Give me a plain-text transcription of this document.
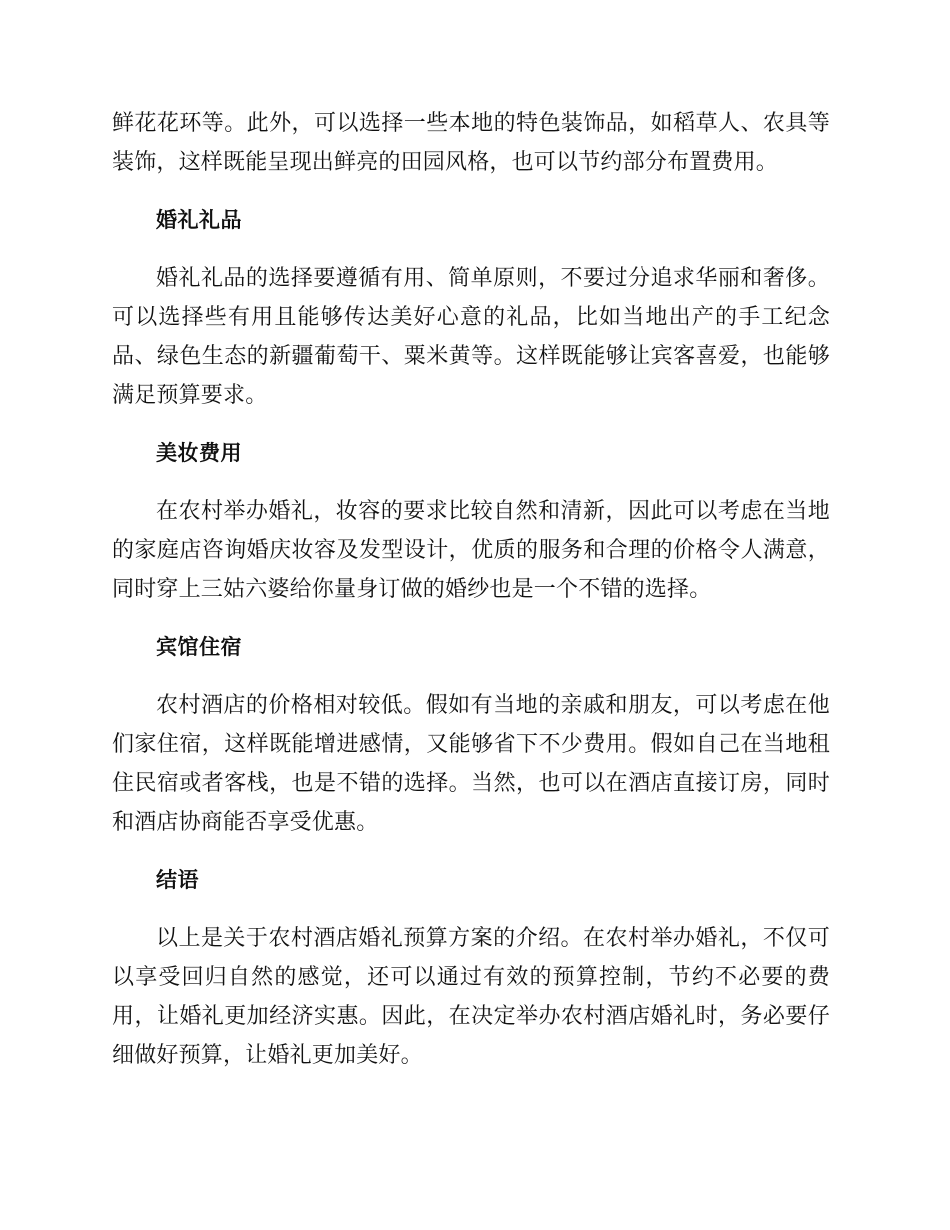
鲜花花环等。此外，可以选择一些本地的特色装饰品，如稻草人、农具等装饰，这样既能呈现出鲜亮的田园风格，也可以节约部分布置费用。

婚礼礼品

婚礼礼品的选择要遵循有用、简单原则，不要过分追求华丽和奢侈。可以选择些有用且能够传达美好心意的礼品，比如当地出产的手工纪念品、绿色生态的新疆葡萄干、粟米黄等。这样既能够让宾客喜爱，也能够满足预算要求。

美妆费用

在农村举办婚礼，妆容的要求比较自然和清新，因此可以考虑在当地的家庭店咨询婚庆妆容及发型设计，优质的服务和合理的价格令人满意，同时穿上三姑六婆给你量身订做的婚纱也是一个不错的选择。

宾馆住宿

农村酒店的价格相对较低。假如有当地的亲戚和朋友，可以考虑在他们家住宿，这样既能增进感情，又能够省下不少费用。假如自己在当地租住民宿或者客栈，也是不错的选择。当然，也可以在酒店直接订房，同时和酒店协商能否享受优惠。

结语

以上是关于农村酒店婚礼预算方案的介绍。在农村举办婚礼，不仅可以享受回归自然的感觉，还可以通过有效的预算控制，节约不必要的费用，让婚礼更加经济实惠。因此，在决定举办农村酒店婚礼时，务必要仔细做好预算，让婚礼更加美好。
